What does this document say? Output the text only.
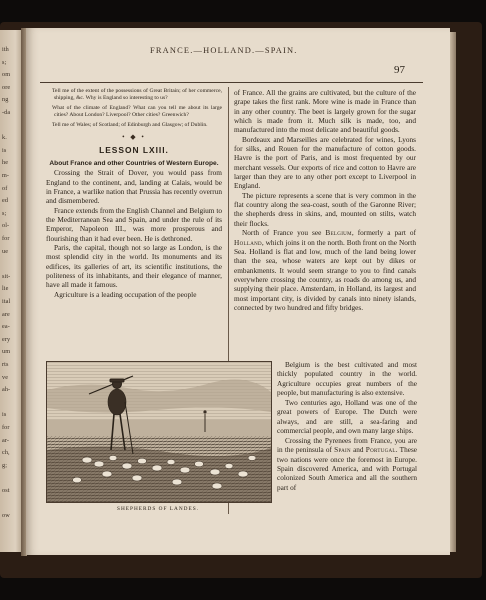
ith
s;
om
ore
ng
-da
k.
is
he
m-
of
ed
s;
ol-
for
ue
sit-
lie
ital
are
ea-
ery
um
rts
ve
ah-
is
for
ar-
ch,
g;
ost
ow
FRANCE.—HOLLAND.—SPAIN.
97

Tell me of the extent of the possessions of Great Britain; of her commerce, shipping, &c. Why is England so interesting to us?

What of the climate of England? What can you tell me about its large cities? About London? Liverpool? Other cities? Greenwich?

Tell me of Wales; of Scotland; of Edinburgh and Glasgow; of Dublin.

• ◆ •
LESSON LXIII.
About France and other Countries of Western Europe.

Crossing the Strait of Dover, you would pass from England to the continent, and, landing at Calais, would be in France, a warlike nation that Prussia has recently overrun and dismembered.

France extends from the English Channel and Belgium to the Mediterranean Sea and Spain, and under the rule of its Emperor, Napoleon III., was more prosperous and flourishing than it had ever been. He is dethroned.

Paris, the capital, though not so large as London, is the most splendid city in the world. Its monuments and its edifices, its galleries of art, its scientific institutions, the politeness of its inhabitants, and their elegance of manner, have all made it famous.

Agriculture is a leading occupation of the people

of France. All the grains are cultivated, but the culture of the grape takes the first rank. More wine is made in France than in any other country. The beet is largely grown for the sugar which is made from it. Much silk is made, too, and manufactured into the most delicate and beautiful goods.

Bordeaux and Marseilles are celebrated for wines, Lyons for silks, and Rouen for the manufacture of cotton goods. Havre is the port of Paris, and is most frequented by our merchant vessels. Our exports of rice and cotton to Havre are larger than they are to any other port except to Liverpool in England.

The picture represents a scene that is very common in the flat country along the sea-coast, south of the Garonne River; the shepherds dress in skins, and, mounted on stilts, watch their flocks.

North of France you see Belgium, formerly a part of Holland, which joins it on the north. Both front on the North Sea. Holland is flat and low, much of the land being lower than the sea, whose waters are kept out by dikes or embankments. It would seem strange to you to find canals everywhere crossing the country, as roads do among us, and supplying their place. Amsterdam, in Holland, its largest and most important city, is divided by canals into ninety islands, connected by two hundred and fifty bridges.

SHEPHERDS OF LANDES.

Belgium is the best cultivated and most thickly populated country in the world. Agriculture occupies great numbers of the people, but manufacturing is also extensive.

Two centuries ago, Holland was one of the great powers of Europe. The Dutch were always, and are still, a sea-faring and commercial people, and own many large ships.

Crossing the Pyrenees from France, you are in the peninsula of Spain and Portugal. These two nations were once the foremost in Europe. Spain discovered America, and with Portugal colonized South America and all the southern part of
